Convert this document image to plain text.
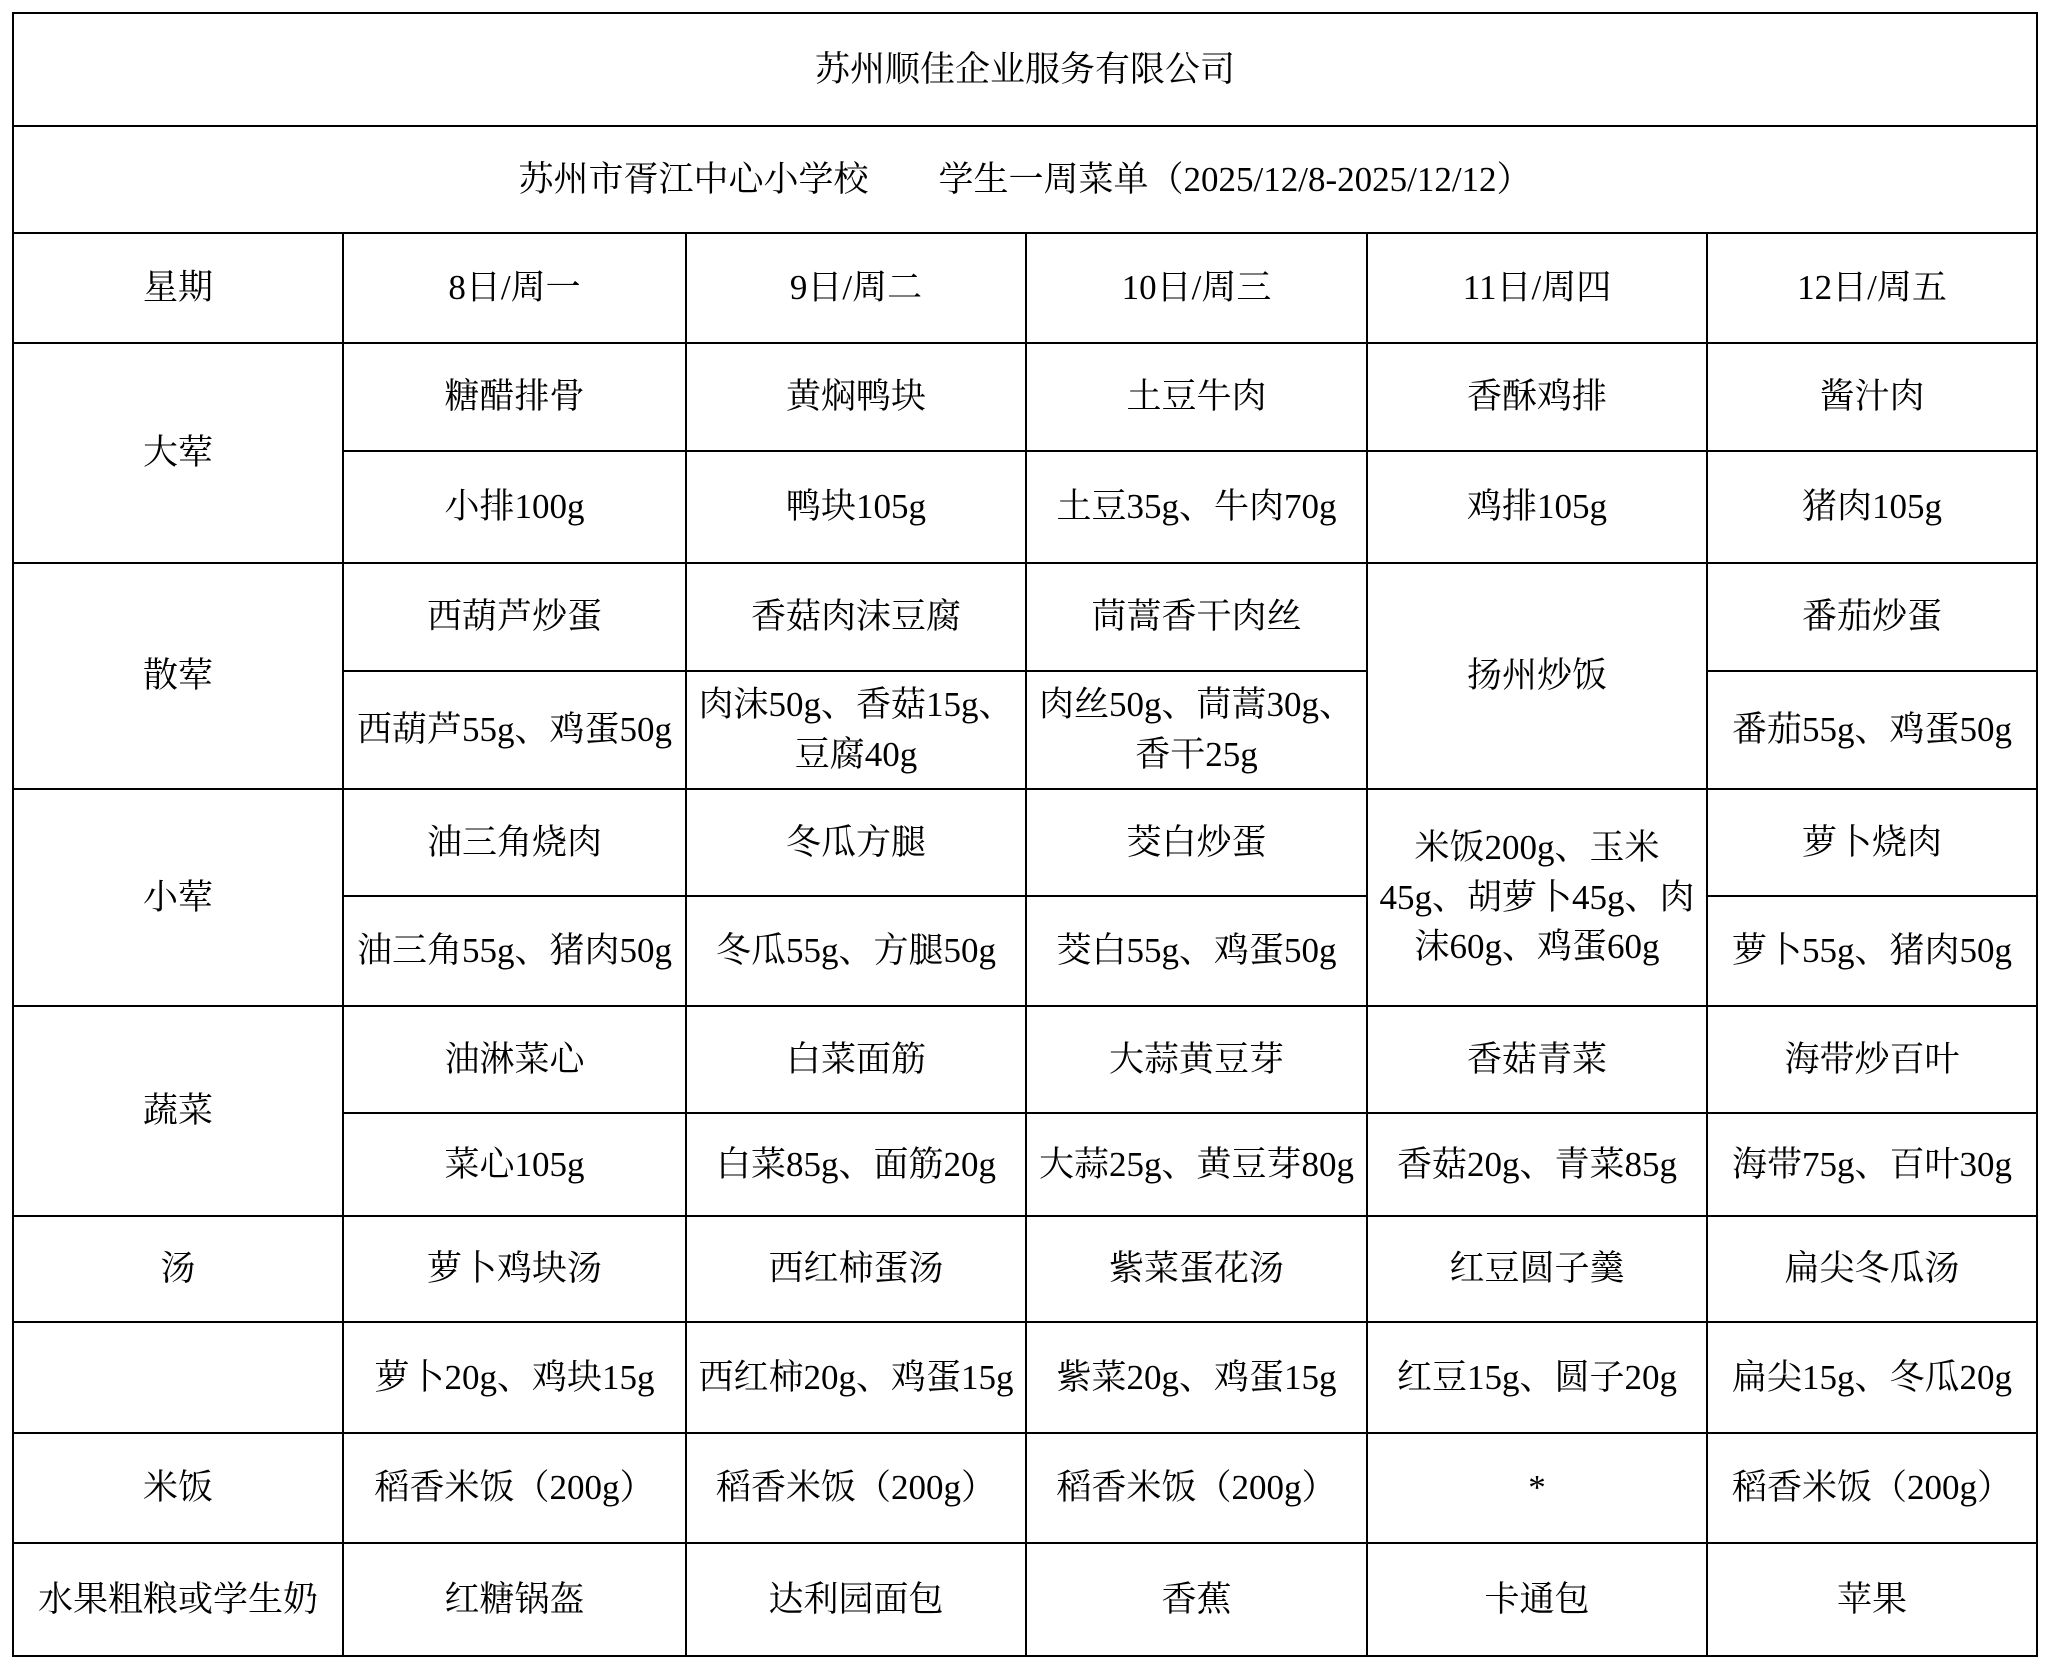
苏州顺佳企业服务有限公司					
苏州市胥江中心小学校　　学生一周菜单（2025/12/8-2025/12/12）					
星期	8日/周一	9日/周二	10日/周三	11日/周四	12日/周五
大荤	糖醋排骨	黄焖鸭块	土豆牛肉	香酥鸡排	酱汁肉
	小排100g	鸭块105g	土豆35g、牛肉70g	鸡排105g	猪肉105g
散荤	西葫芦炒蛋	香菇肉沫豆腐	茼蒿香干肉丝	扬州炒饭	番茄炒蛋
	西葫芦55g、鸡蛋50g	肉沫50g、香菇15g、豆腐40g	肉丝50g、茼蒿30g、香干25g		番茄55g、鸡蛋50g
小荤	油三角烧肉	冬瓜方腿	茭白炒蛋	米饭200g、玉米45g、胡萝卜45g、肉沫60g、鸡蛋60g	萝卜烧肉
	油三角55g、猪肉50g	冬瓜55g、方腿50g	茭白55g、鸡蛋50g		萝卜55g、猪肉50g
蔬菜	油淋菜心	白菜面筋	大蒜黄豆芽	香菇青菜	海带炒百叶
	菜心105g	白菜85g、面筋20g	大蒜25g、黄豆芽80g	香菇20g、青菜85g	海带75g、百叶30g
汤	萝卜鸡块汤	西红柿蛋汤	紫菜蛋花汤	红豆圆子羹	扁尖冬瓜汤
	萝卜20g、鸡块15g	西红柿20g、鸡蛋15g	紫菜20g、鸡蛋15g	红豆15g、圆子20g	扁尖15g、冬瓜20g
米饭	稻香米饭（200g）	稻香米饭（200g）	稻香米饭（200g）	*	稻香米饭（200g）
水果粗粮或学生奶	红糖锅盔	达利园面包	香蕉	卡通包	苹果
